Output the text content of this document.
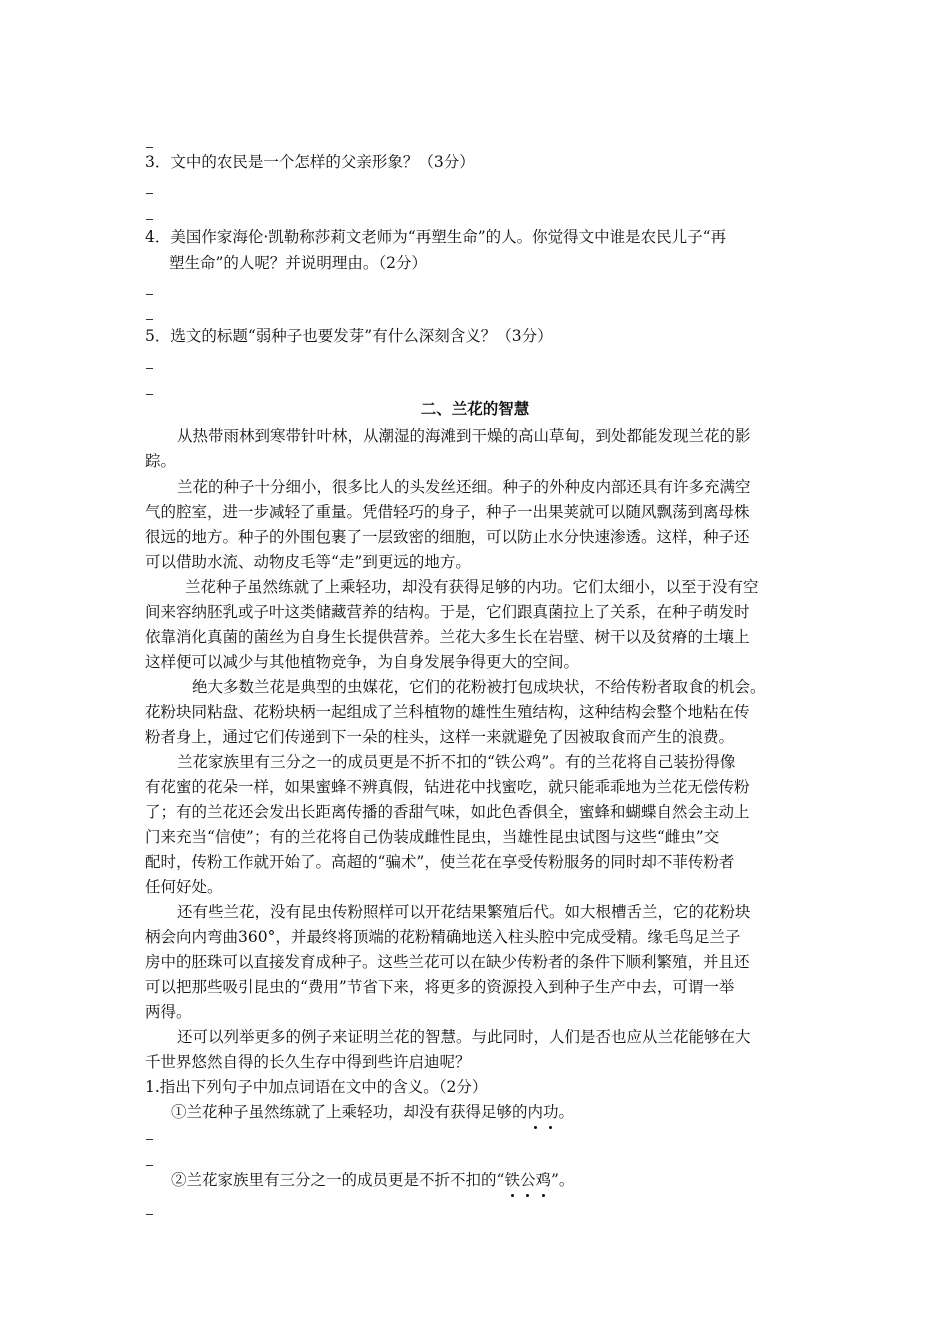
3．文中的农民是一个怎样的父亲形象？（3分）
4．美国作家海伦·凯勒称莎莉文老师为“再塑生命”的人。你觉得文中谁是农民儿子“再
塑生命”的人呢？并说明理由。（2分）
5．选文的标题“弱种子也要发芽”有什么深刻含义？（3分）
二、兰花的智慧
从热带雨林到寒带针叶林，从潮湿的海滩到干燥的高山草甸，到处都能发现兰花的影
踪。
兰花的种子十分细小，很多比人的头发丝还细。种子的外种皮内部还具有许多充满空
气的腔室，进一步减轻了重量。凭借轻巧的身子，种子一出果荚就可以随风飘荡到离母株
很远的地方。种子的外围包裹了一层致密的细胞，可以防止水分快速渗透。这样，种子还
可以借助水流、动物皮毛等“走”到更远的地方。
兰花种子虽然练就了上乘轻功，却没有获得足够的内功。它们太细小，以至于没有空
间来容纳胚乳或子叶这类储藏营养的结构。于是，它们跟真菌拉上了关系，在种子萌发时
依靠消化真菌的菌丝为自身生长提供营养。兰花大多生长在岩壁、树干以及贫瘠的土壤上
这样便可以减少与其他植物竞争，为自身发展争得更大的空间。
绝大多数兰花是典型的虫媒花，它们的花粉被打包成块状，不给传粉者取食的机会。
花粉块同粘盘、花粉块柄一起组成了兰科植物的雄性生殖结构，这种结构会整个地粘在传
粉者身上，通过它们传递到下一朵的柱头，这样一来就避免了因被取食而产生的浪费。
兰花家族里有三分之一的成员更是不折不扣的“铁公鸡”。有的兰花将自己装扮得像
有花蜜的花朵一样，如果蜜蜂不辨真假，钻进花中找蜜吃，就只能乖乖地为兰花无偿传粉
了；有的兰花还会发出长距离传播的香甜气味，如此色香俱全，蜜蜂和蝴蝶自然会主动上
门来充当“信使”；有的兰花将自己伪装成雌性昆虫，当雄性昆虫试图与这些“雌虫”交
配时，传粉工作就开始了。高超的“骗术”，使兰花在享受传粉服务的同时却不菲传粉者
任何好处。
还有些兰花，没有昆虫传粉照样可以开花结果繁殖后代。如大根槽舌兰，它的花粉块
柄会向内弯曲360°，并最终将顶端的花粉精确地送入柱头腔中完成受精。缘毛鸟足兰子
房中的胚珠可以直接发育成种子。这些兰花可以在缺少传粉者的条件下顺利繁殖，并且还
可以把那些吸引昆虫的“费用”节省下来，将更多的资源投入到种子生产中去，可谓一举
两得。
还可以列举更多的例子来证明兰花的智慧。与此同时，人们是否也应从兰花能够在大
千世界悠然自得的长久生存中得到些许启迪呢？
1.指出下列句子中加点词语在文中的含义。（2分）
①兰花种子虽然练就了上乘轻功，却没有获得足够的内功。
②兰花家族里有三分之一的成员更是不折不扣的“铁公鸡”。
